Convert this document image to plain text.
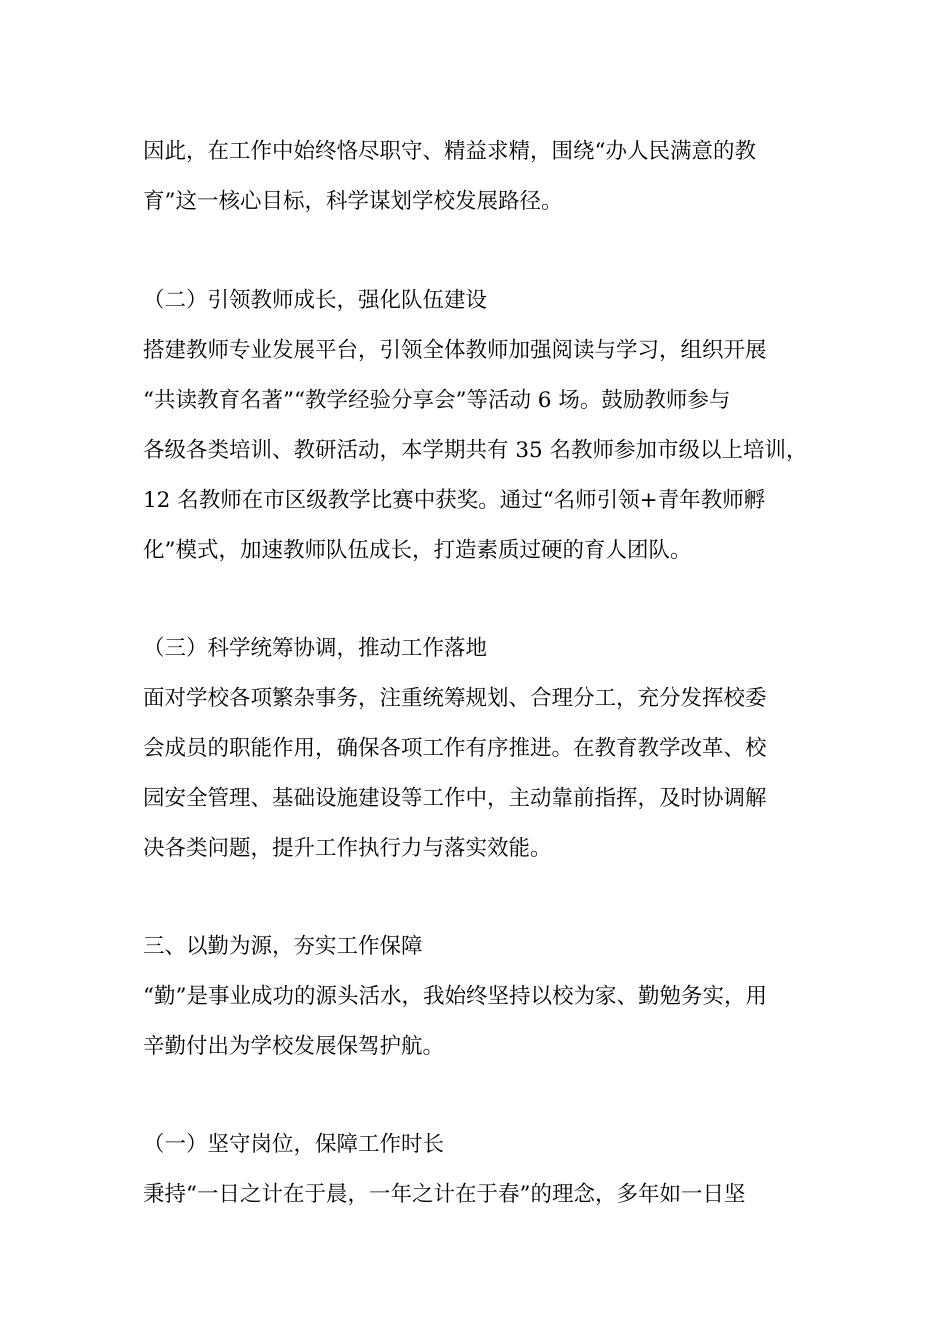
因此，在工作中始终恪尽职守、精益求精，围绕“办人民满意的教
育”这一核心目标，科学谋划学校发展路径。
（二）引领教师成长，强化队伍建设
搭建教师专业发展平台，引领全体教师加强阅读与学习，组织开展
“共读教育名著”“教学经验分享会”等活动 6 场。鼓励教师参与
各级各类培训、教研活动，本学期共有 35 名教师参加市级以上培训，
12 名教师在市区级教学比赛中获奖。通过“名师引领+青年教师孵
化”模式，加速教师队伍成长，打造素质过硬的育人团队。
（三）科学统筹协调，推动工作落地
面对学校各项繁杂事务，注重统筹规划、合理分工，充分发挥校委
会成员的职能作用，确保各项工作有序推进。在教育教学改革、校
园安全管理、基础设施建设等工作中，主动靠前指挥，及时协调解
决各类问题，提升工作执行力与落实效能。
三、以勤为源，夯实工作保障
“勤”是事业成功的源头活水，我始终坚持以校为家、勤勉务实，用
辛勤付出为学校发展保驾护航。
（一）坚守岗位，保障工作时长
秉持“一日之计在于晨，一年之计在于春”的理念，多年如一日坚
